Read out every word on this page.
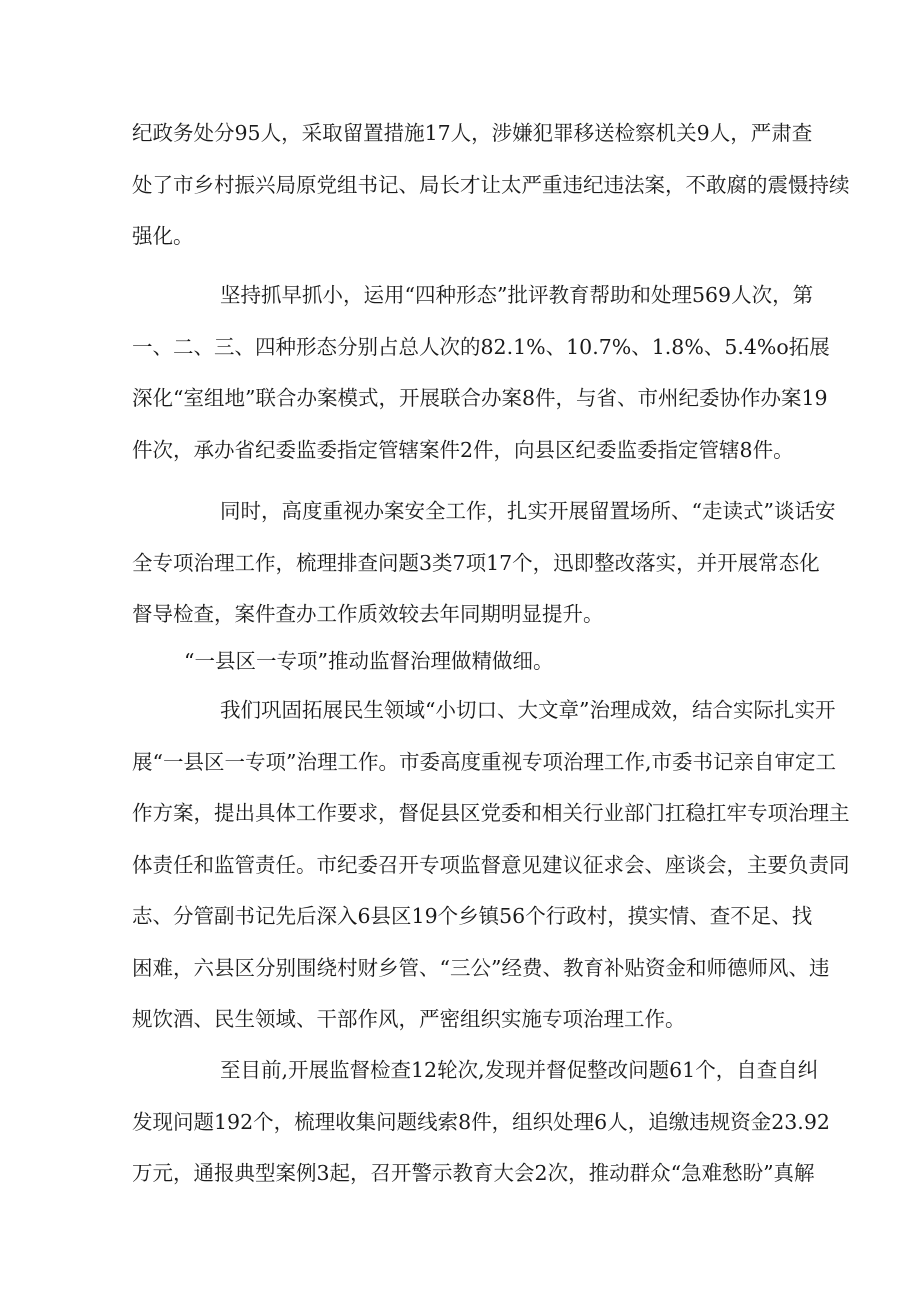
纪政务处分95人，采取留置措施17人，涉嫌犯罪移送检察机关9人，严肃查
处了市乡村振兴局原党组书记、局长才让太严重违纪违法案，不敢腐的震慑持续
强化。
坚持抓早抓小，运用“四种形态”批评教育帮助和处理569人次，第
一、二、三、四种形态分别占总人次的82.1%、10.7%、1.8%、5.4%o拓展
深化“室组地”联合办案模式，开展联合办案8件，与省、市州纪委协作办案19
件次，承办省纪委监委指定管辖案件2件，向县区纪委监委指定管辖8件。
同时，高度重视办案安全工作，扎实开展留置场所、“走读式”谈话安
全专项治理工作，梳理排查问题3类7项17个，迅即整改落实，并开展常态化
督导检查，案件查办工作质效较去年同期明显提升。
“一县区一专项”推动监督治理做精做细。
我们巩固拓展民生领域“小切口、大文章”治理成效，结合实际扎实开
展“一县区一专项”治理工作。市委高度重视专项治理工作,市委书记亲自审定工
作方案，提出具体工作要求，督促县区党委和相关行业部门扛稳扛牢专项治理主
体责任和监管责任。市纪委召开专项监督意见建议征求会、座谈会，主要负责同
志、分管副书记先后深入6县区19个乡镇56个行政村，摸实情、查不足、找
困难，六县区分别围绕村财乡管、“三公”经费、教育补贴资金和师德师风、违
规饮酒、民生领域、干部作风，严密组织实施专项治理工作。
至目前,开展监督检查12轮次,发现并督促整改问题61个，自查自纠
发现问题192个，梳理收集问题线索8件，组织处理6人，追缴违规资金23.92
万元，通报典型案例3起，召开警示教育大会2次，推动群众“急难愁盼”真解
